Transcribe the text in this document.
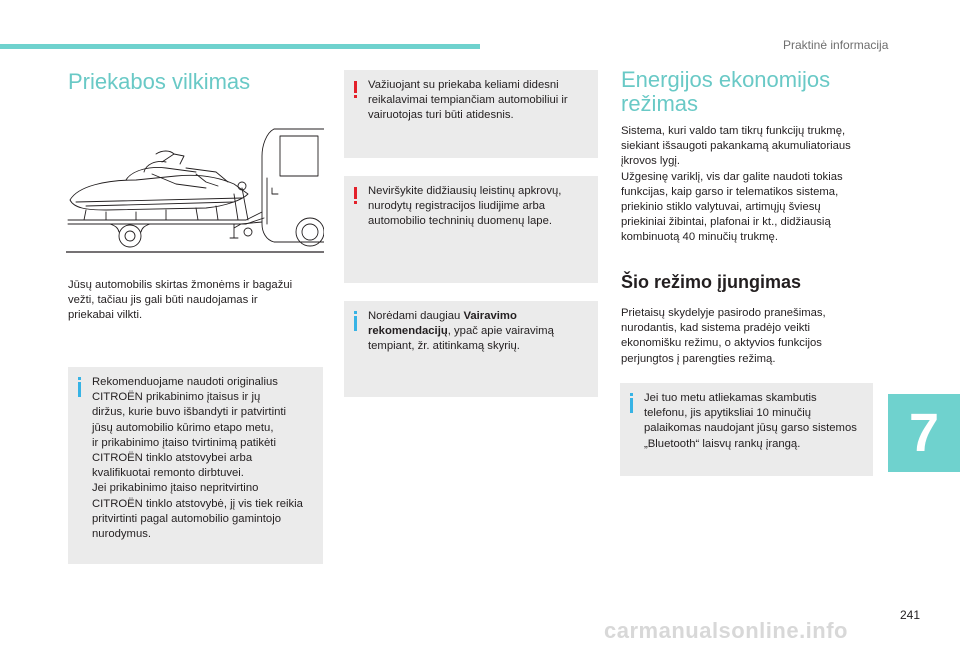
Praktinė informacija
Priekabos vilkimas
Jūsų automobilis skirtas žmonėms ir bagažui
vežti, tačiau jis gali būti naudojamas ir
priekabai vilkti.
Rekomenduojame naudoti originalius
CITROËN prikabinimo įtaisus ir jų
diržus, kurie buvo išbandyti ir patvirtinti
jūsų automobilio kūrimo etapo metu,
ir prikabinimo įtaiso tvirtinimą patikėti
CITROËN tinklo atstovybei arba
kvalifikuotai remonto dirbtuvei.
Jei prikabinimo įtaiso nepritvirtino
CITROËN tinklo atstovybė, jį vis tiek reikia
pritvirtinti pagal automobilio gamintojo
nurodymus.
Važiuojant su priekaba keliami didesni
reikalavimai tempiančiam automobiliui ir
vairuotojas turi būti atidesnis.
Neviršykite didžiausių leistinų apkrovų,
nurodytų registracijos liudijime arba
automobilio techninių duomenų lape.
Norėdami daugiau Vairavimo
rekomendacijų, ypač apie vairavimą
tempiant, žr. atitinkamą skyrių.
Energijos ekonomijos
režimas
Sistema, kuri valdo tam tikrų funkcijų trukmę,
siekiant išsaugoti pakankamą akumuliatoriaus
įkrovos lygį.
Užgesinę variklį, vis dar galite naudoti tokias
funkcijas, kaip garso ir telematikos sistema,
priekinio stiklo valytuvai, artimųjų šviesų
priekiniai žibintai, plafonai ir kt., didžiausią
kombinuotą 40 minučių trukmę.
Šio režimo įjungimas
Prietaisų skydelyje pasirodo pranešimas,
nurodantis, kad sistema pradėjo veikti
ekonomišku režimu, o aktyvios funkcijos
perjungtos į parengties režimą.
Jei tuo metu atliekamas skambutis
telefonu, jis apytiksliai 10 minučių
palaikomas naudojant jūsų garso sistemos
„Bluetooth“ laisvų rankų įrangą.	7
241
carmanualsonline.info
